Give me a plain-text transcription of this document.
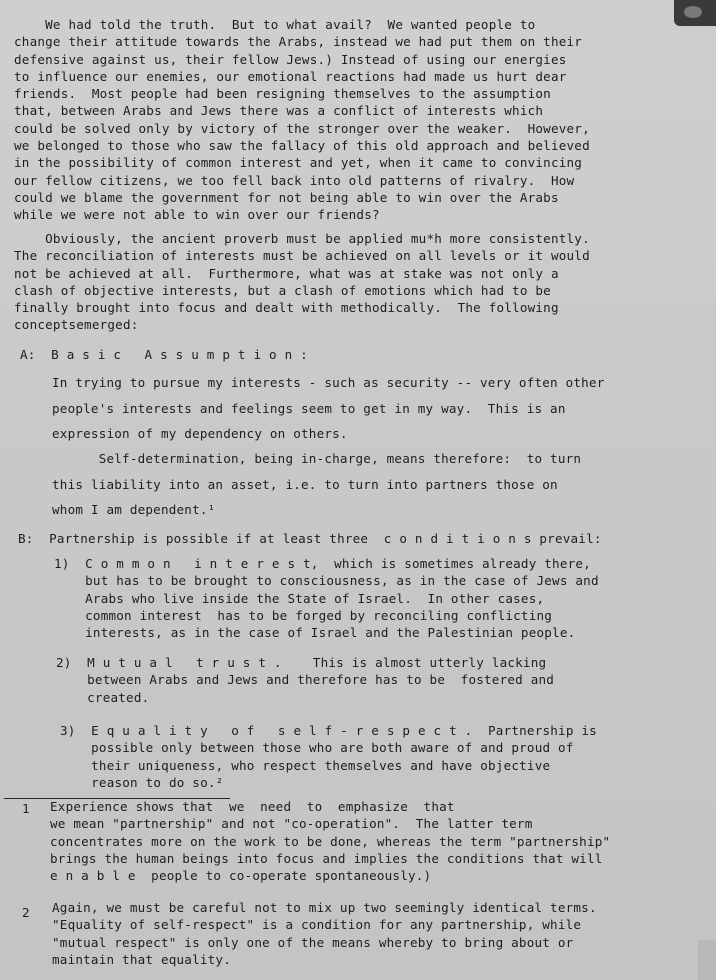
We had told the truth.  But to what avail?  We wanted people to
change their attitude towards the Arabs, instead we had put them on their
defensive against us, their fellow Jews.) Instead of using our energies
to influence our enemies, our emotional reactions had made us hurt dear
friends.  Most people had been resigning themselves to the assumption
that, between Arabs and Jews there was a conflict of interests which
could be solved only by victory of the stronger over the weaker.  However,
we belonged to those who saw the fallacy of this old approach and believed
in the possibility of common interest and yet, when it came to convincing
our fellow citizens, we too fell back into old patterns of rivalry.  How
could we blame the government for not being able to win over the Arabs
while we were not able to win over our friends?
Obviously, the ancient proverb must be applied mu*h more consistently.
The reconciliation of interests must be achieved on all levels or it would
not be achieved at all.  Furthermore, what was at stake was not only a
clash of objective interests, but a clash of emotions which had to be
finally brought into focus and dealt with methodically.  The following
conceptsemerged:
A:  B a s i c   A s s u m p t i o n :
In trying to pursue my interests - such as security -- very often other
people's interests and feelings seem to get in my way.  This is an
expression of my dependency on others.
Self-determination, being in-charge, means therefore:  to turn
this liability into an asset, i.e. to turn into partners those on
whom I am dependent.¹
B:  Partnership is possible if at least three  c o n d i t i o n s prevail:
1)  C o m m o n   i n t e r e s t,  which is sometimes already there,
but has to be brought to consciousness, as in the case of Jews and
Arabs who live inside the State of Israel.  In other cases,
common interest  has to be forged by reconciling conflicting
interests, as in the case of Israel and the Palestinian people.
2)  M u t u a l   t r u s t .    This is almost utterly lacking
between Arabs and Jews and therefore has to be  fostered and
created.
3)  E q u a l i t y   o f   s e l f - r e s p e c t .  Partnership is
possible only between those who are both aware of and proud of
their uniqueness, who respect themselves and have objective
reason to do so.²
1 Experience shows that  we  need  to  emphasize  that
we mean "partnership" and not "co-operation".  The latter term
concentrates more on the work to be done, whereas the term "partnership"
brings the human beings into focus and implies the conditions that will
e n a b l e  people to co-operate spontaneously.)
2 Again, we must be careful not to mix up two seemingly identical terms.
"Equality of self-respect" is a condition for any partnership, while
"mutual respect" is only one of the means whereby to bring about or
maintain that equality.
